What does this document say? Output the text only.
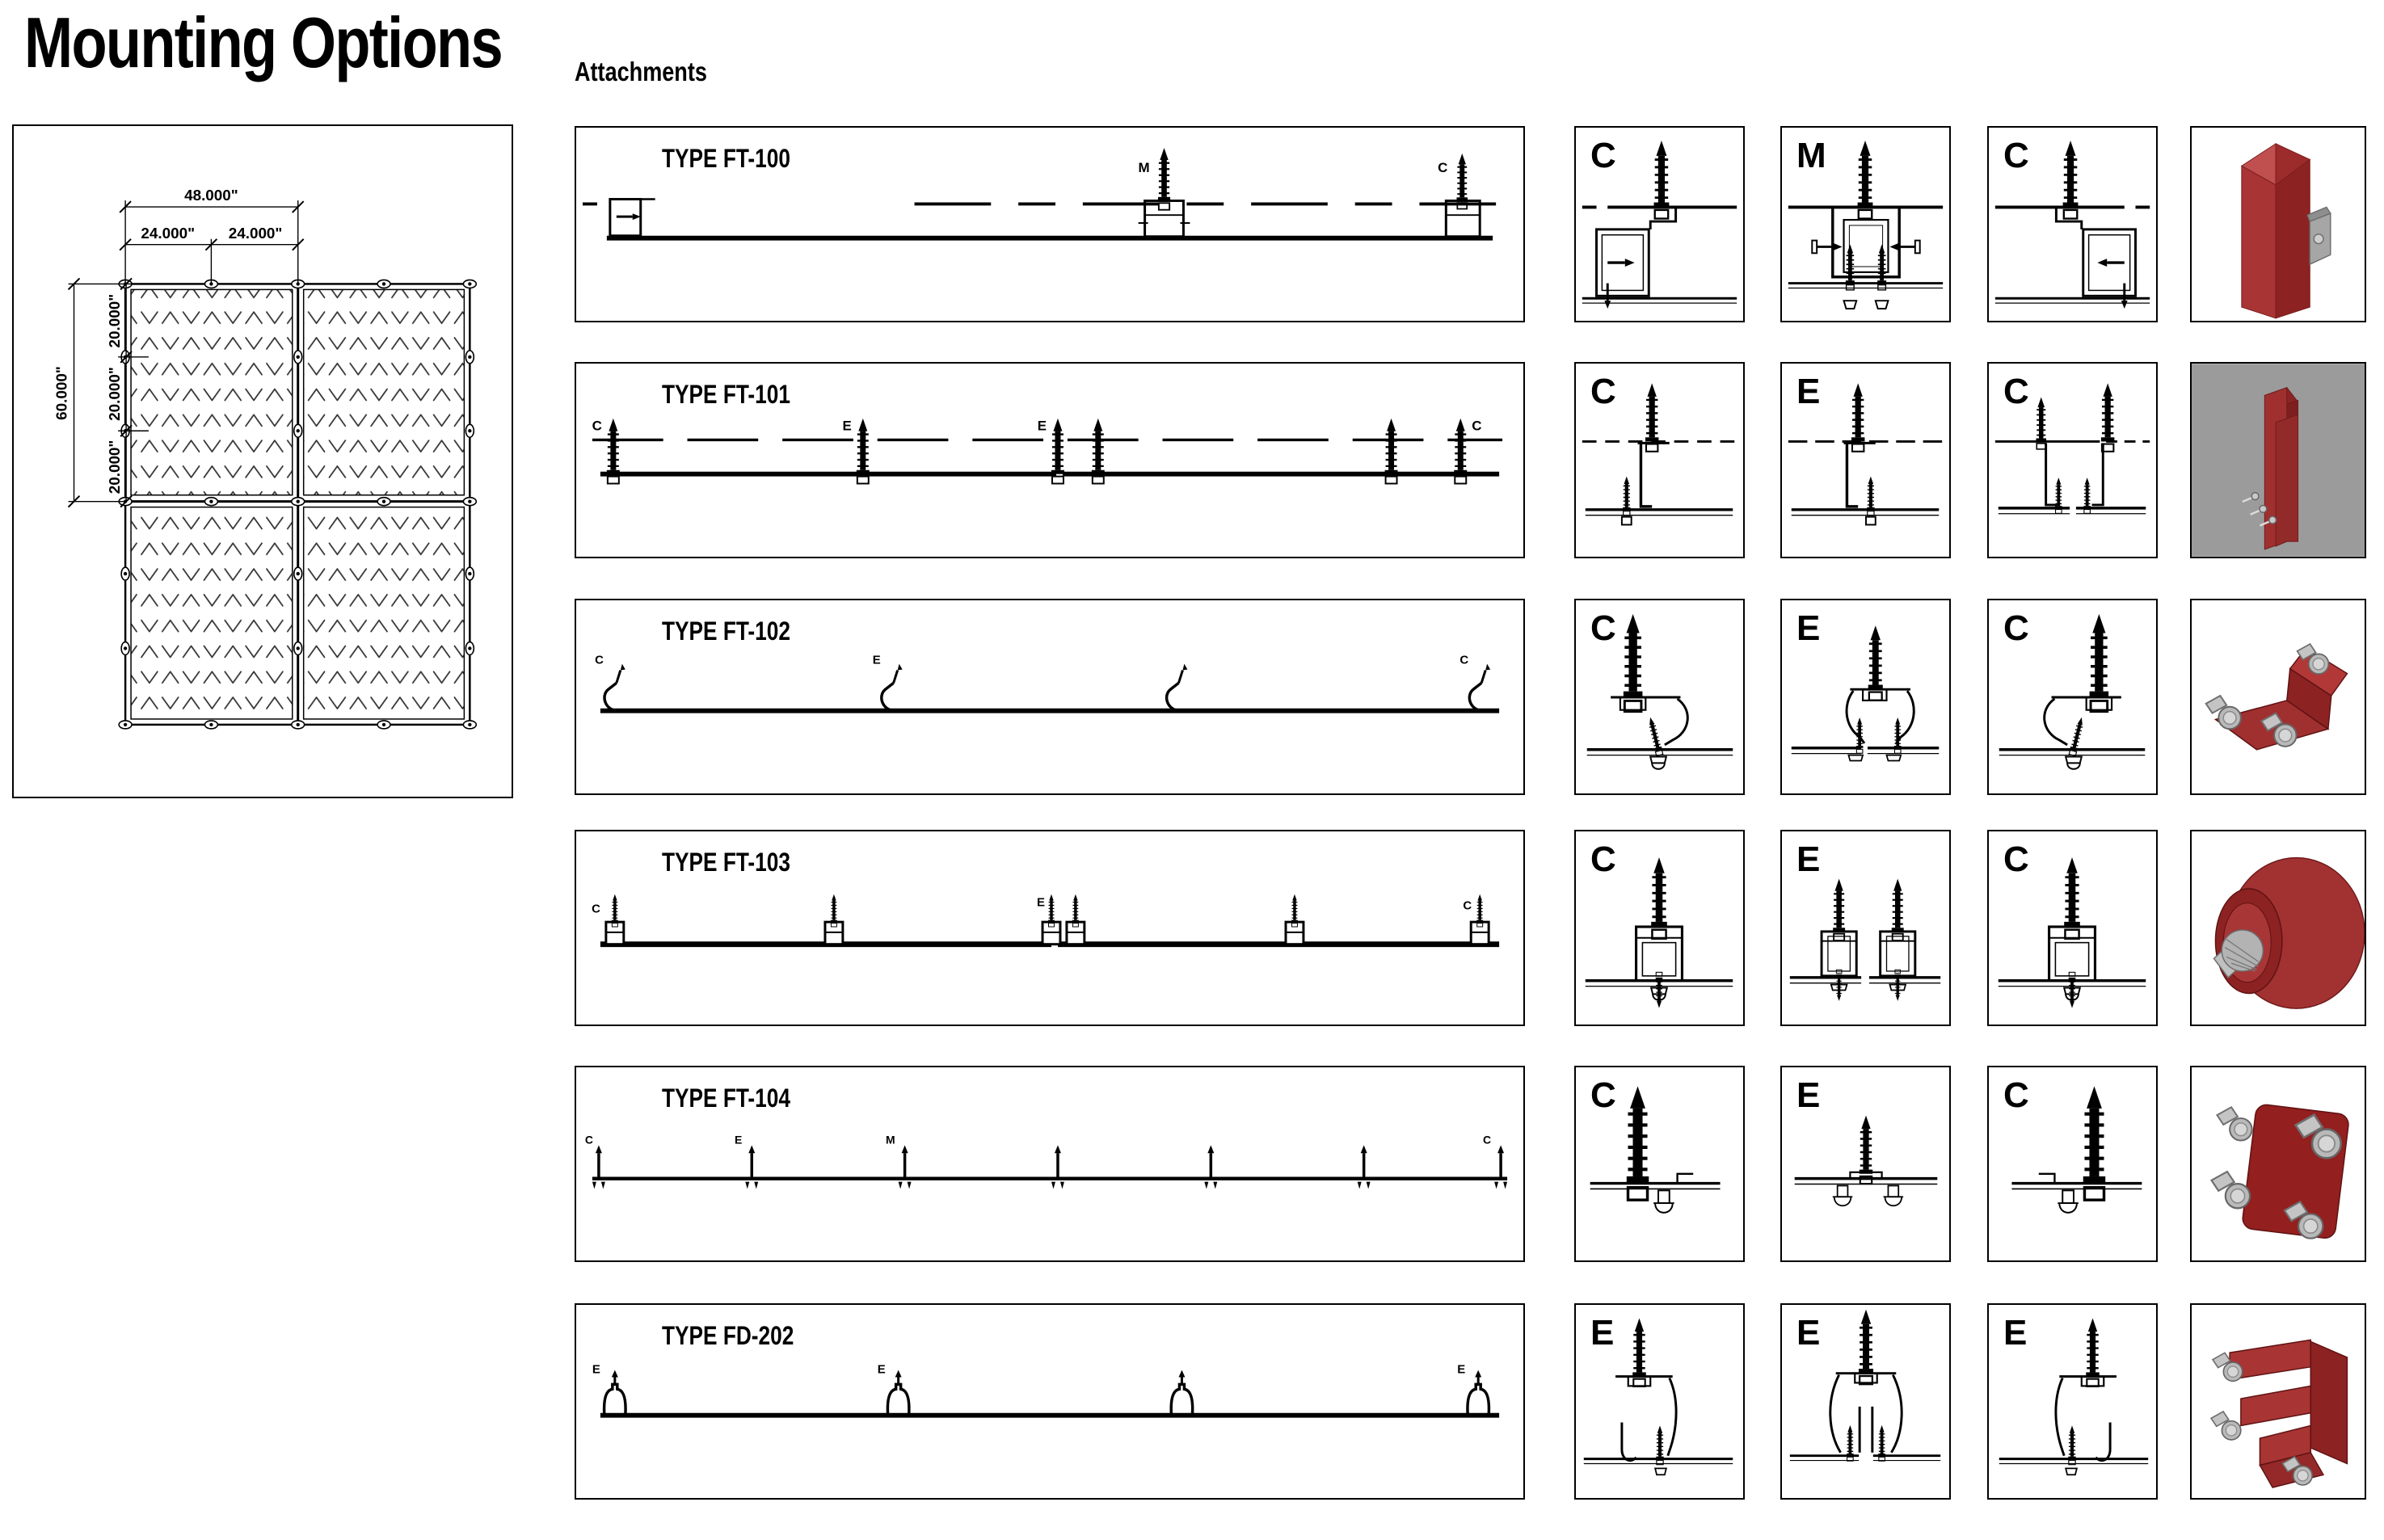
Mounting Options	Attachments
48.000"
24.000" 24.000"
60.000"
20.000"
20.000"
20.000"
TYPE FT-100	M	C	C	M	C
TYPE FT-101
C	E	E	C
C	E	C
TYPE FT-102
C	E	C
C	E	C
TYPE FT-103
C	E	C
C	E	C
TYPE FT-104
C	E	M	C
C	E	C
TYPE FD-202
E	E	E
E	E	E
